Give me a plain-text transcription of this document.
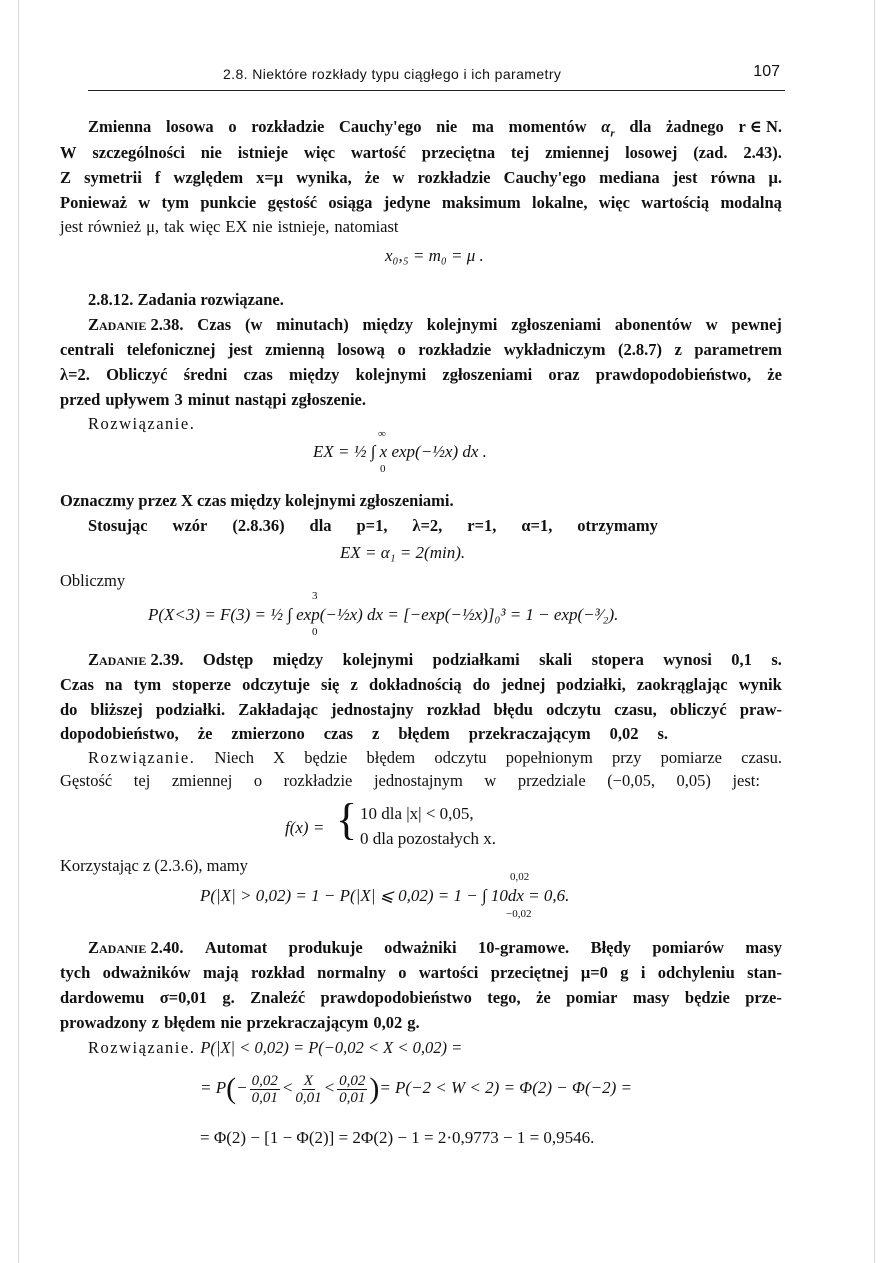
2.8. Niektóre rozkłady typu ciągłego i ich parametry	107
Zmienna losowa o rozkładzie Cauchy'ego nie ma momentów $\alpha_r$ dla żadnego r ∈ N.
W szczególności nie istnieje więc wartość przeciętna tej zmiennej losowej (zad. 2.43).
Z symetrii f względem x=μ wynika, że w rozkładzie Cauchy'ego mediana jest równa μ.
Ponieważ w tym punkcie gęstość osiąga jedyne maksimum lokalne, więc wartością modalną
jest również μ, tak więc EX nie istnieje, natomiast
x₀,₅ = m₀ = μ .
2.8.12. Zadania rozwiązane.
Zadanie 2.38. Czas (w minutach) między kolejnymi zgłoszeniami abonentów w pewnej
centrali telefonicznej jest zmienną losową o rozkładzie wykładniczym (2.8.7) z parametrem
λ=2. Obliczyć średni czas między kolejnymi zgłoszeniami oraz prawdopodobieństwo, że
przed upływem 3 minut nastąpi zgłoszenie.
Rozwiązanie.
∞
EX = ½ ∫ x exp(−½x) dx .
0
Oznaczmy przez X czas między kolejnymi zgłoszeniami.
Stosując wzór (2.8.36) dla p=1, λ=2, r=1, α=1, otrzymamy
EX = α₁ = 2(min).
Obliczmy
3
P(X<3) = F(3) = ½ ∫ exp(−½x) dx = [−exp(−½x)]₀³ = 1 − exp(−³⁄₂).
0
Zadanie 2.39. Odstęp między kolejnymi podziałkami skali stopera wynosi 0,1 s.
Czas na tym stoperze odczytuje się z dokładnością do jednej podziałki, zaokrąglając wynik
do bliższej podziałki. Zakładając jednostajny rozkład błędu odczytu czasu, obliczyć praw-
dopodobieństwo, że zmierzono czas z błędem przekraczającym 0,02 s.
Rozwiązanie. Niech X będzie błędem odczytu popełnionym przy pomiarze czasu.
Gęstość tej zmiennej o rozkładzie jednostajnym w przedziale (−0,05, 0,05) jest:
f(x) = { 10 dla |x| < 0,05,
0 dla pozostałych x.
Korzystając z (2.3.6), mamy
0,02
P(|X| > 0,02) = 1 − P(|X| ⩽ 0,02) = 1 − ∫ 10dx = 0,6.
−0,02
Zadanie 2.40. Automat produkuje odważniki 10-gramowe. Błędy pomiarów masy
tych odważników mają rozkład normalny o wartości przeciętnej μ=0 g i odchyleniu stan-
dardowemu σ=0,01 g. Znaleźć prawdopodobieństwo tego, że pomiar masy będzie prze-
prowadzony z błędem nie przekraczającym 0,02 g.
Rozwiązanie. P(|X| < 0,02) = P(−0,02 < X < 0,02) =
= $P(- \frac{0,02}{0,01} < \frac{X}{0,01} < \frac{0,02}{0,01}$ )= P(−2 < W < 2) = Φ(2) − Φ(−2) =
= Φ(2) − [1 − Φ(2)] = 2Φ(2) − 1 = 2·0,9773 − 1 = 0,9546.
